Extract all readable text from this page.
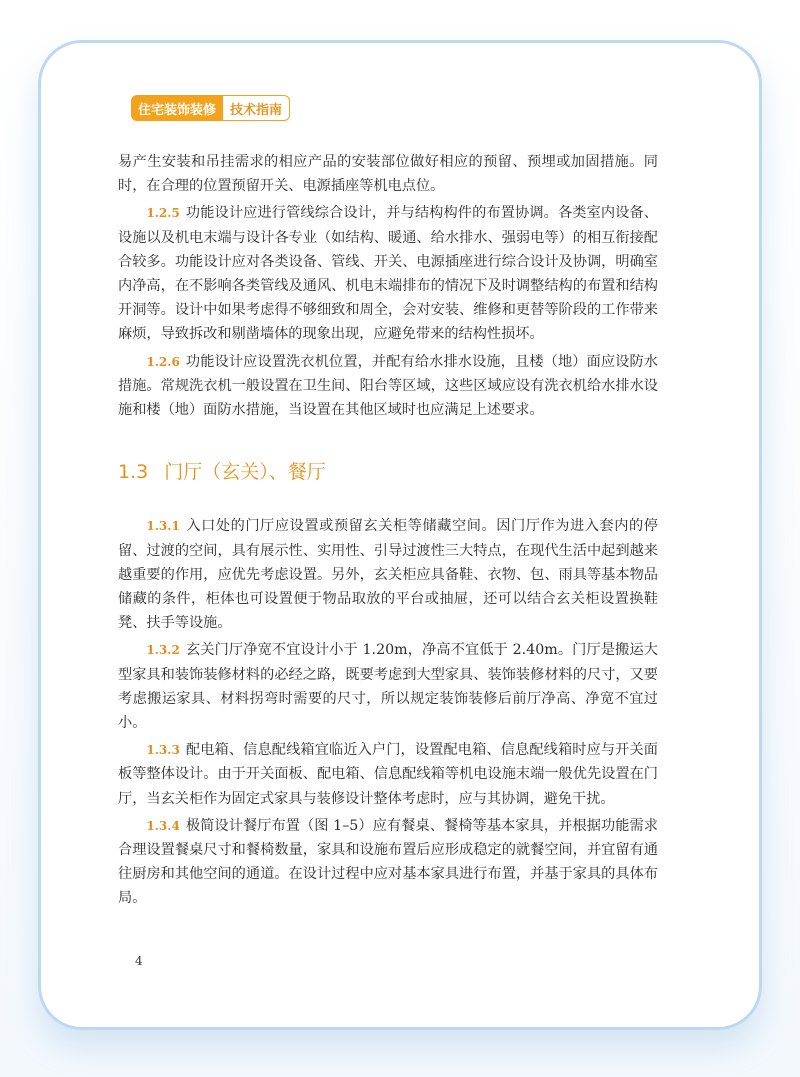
住宅装饰装修	技术指南

易产生安装和吊挂需求的相应产品的安装部位做好相应的预留、预埋或加固措施。同时，在合理的位置预留开关、电源插座等机电点位。

1.2.5 功能设计应进行管线综合设计，并与结构构件的布置协调。各类室内设备、设施以及机电末端与设计各专业（如结构、暖通、给水排水、强弱电等）的相互衔接配合较多。功能设计应对各类设备、管线、开关、电源插座进行综合设计及协调，明确室内净高，在不影响各类管线及通风、机电末端排布的情况下及时调整结构的布置和结构开洞等。设计中如果考虑得不够细致和周全，会对安装、维修和更替等阶段的工作带来麻烦，导致拆改和剔凿墙体的现象出现，应避免带来的结构性损坏。

1.2.6 功能设计应设置洗衣机位置，并配有给水排水设施，且楼（地）面应设防水措施。常规洗衣机一般设置在卫生间、阳台等区域，这些区域应设有洗衣机给水排水设施和楼（地）面防水措施，当设置在其他区域时也应满足上述要求。

1.3 门厅（玄关）、餐厅

1.3.1 入口处的门厅应设置或预留玄关柜等储藏空间。因门厅作为进入套内的停留、过渡的空间，具有展示性、实用性、引导过渡性三大特点，在现代生活中起到越来越重要的作用，应优先考虑设置。另外，玄关柜应具备鞋、衣物、包、雨具等基本物品储藏的条件，柜体也可设置便于物品取放的平台或抽屉，还可以结合玄关柜设置换鞋凳、扶手等设施。

1.3.2 玄关门厅净宽不宜设计小于 1.20m，净高不宜低于 2.40m。门厅是搬运大型家具和装饰装修材料的必经之路，既要考虑到大型家具、装饰装修材料的尺寸，又要考虑搬运家具、材料拐弯时需要的尺寸，所以规定装饰装修后前厅净高、净宽不宜过小。

1.3.3 配电箱、信息配线箱宜临近入户门，设置配电箱、信息配线箱时应与开关面板等整体设计。由于开关面板、配电箱、信息配线箱等机电设施末端一般优先设置在门厅，当玄关柜作为固定式家具与装修设计整体考虑时，应与其协调，避免干扰。

1.3.4 极简设计餐厅布置（图 1–5）应有餐桌、餐椅等基本家具，并根据功能需求合理设置餐桌尺寸和餐椅数量，家具和设施布置后应形成稳定的就餐空间，并宜留有通往厨房和其他空间的通道。在设计过程中应对基本家具进行布置，并基于家具的具体布局。

4
